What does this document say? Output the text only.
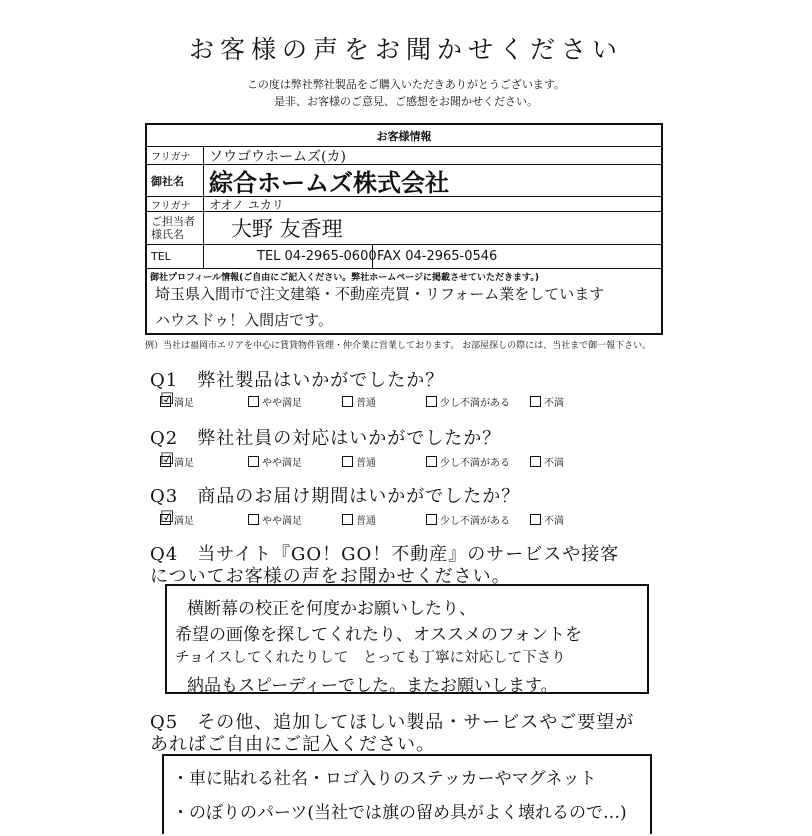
お客様の声をお聞かせください
この度は弊社弊社製品をご購入いただきありがとうございます。
是非、お客様のご意見、ご感想をお聞かせください。
お客様情報
フリガナ	ソウゴウホームズ(カ)
御社名	綜合ホームズ株式会社
フリガナ	オオノ ユカリ
ご担当者様氏名	大野 友香理
TEL	TEL 04-2965-0600 FAX 04-2965-0546
御社プロフィール情報(ご自由にご記入ください。弊社ホームページに掲載させていただきます。)
埼玉県入間市で注文建築・不動産売買・リフォーム業をしています
ハウスドゥ！入間店です。
例）当社は福岡市エリアを中心に賃貸物件管理・仲介業に営業しております。 お部屋探しの際には、当社まで御一報下さい。
Q1　弊社製品はいかがでしたか？
☑ 満足	やや満足	普通	少し不満がある	不満
Q2　弊社社員の対応はいかがでしたか？
☑ 満足	やや満足	普通	少し不満がある	不満
Q3　商品のお届け期間はいかがでしたか？
☑ 満足	やや満足	普通	少し不満がある	不満
Q4　当サイト『GO！GO！不動産』のサービスや接客
についてお客様の声をお聞かせください。
横断幕の校正を何度かお願いしたり、
希望の画像を探してくれたり、オススメのフォントを
チョイスしてくれたりして　とっても丁寧に対応して下さり
納品もスピーディーでした。またお願いします。
Q5　その他、追加してほしい製品・サービスやご要望が
あればご自由にご記入ください。
・車に貼れる社名・ロゴ入りのステッカーやマグネット
・のぼりのパーツ(当社では旗の留め具がよく壊れるので…)
